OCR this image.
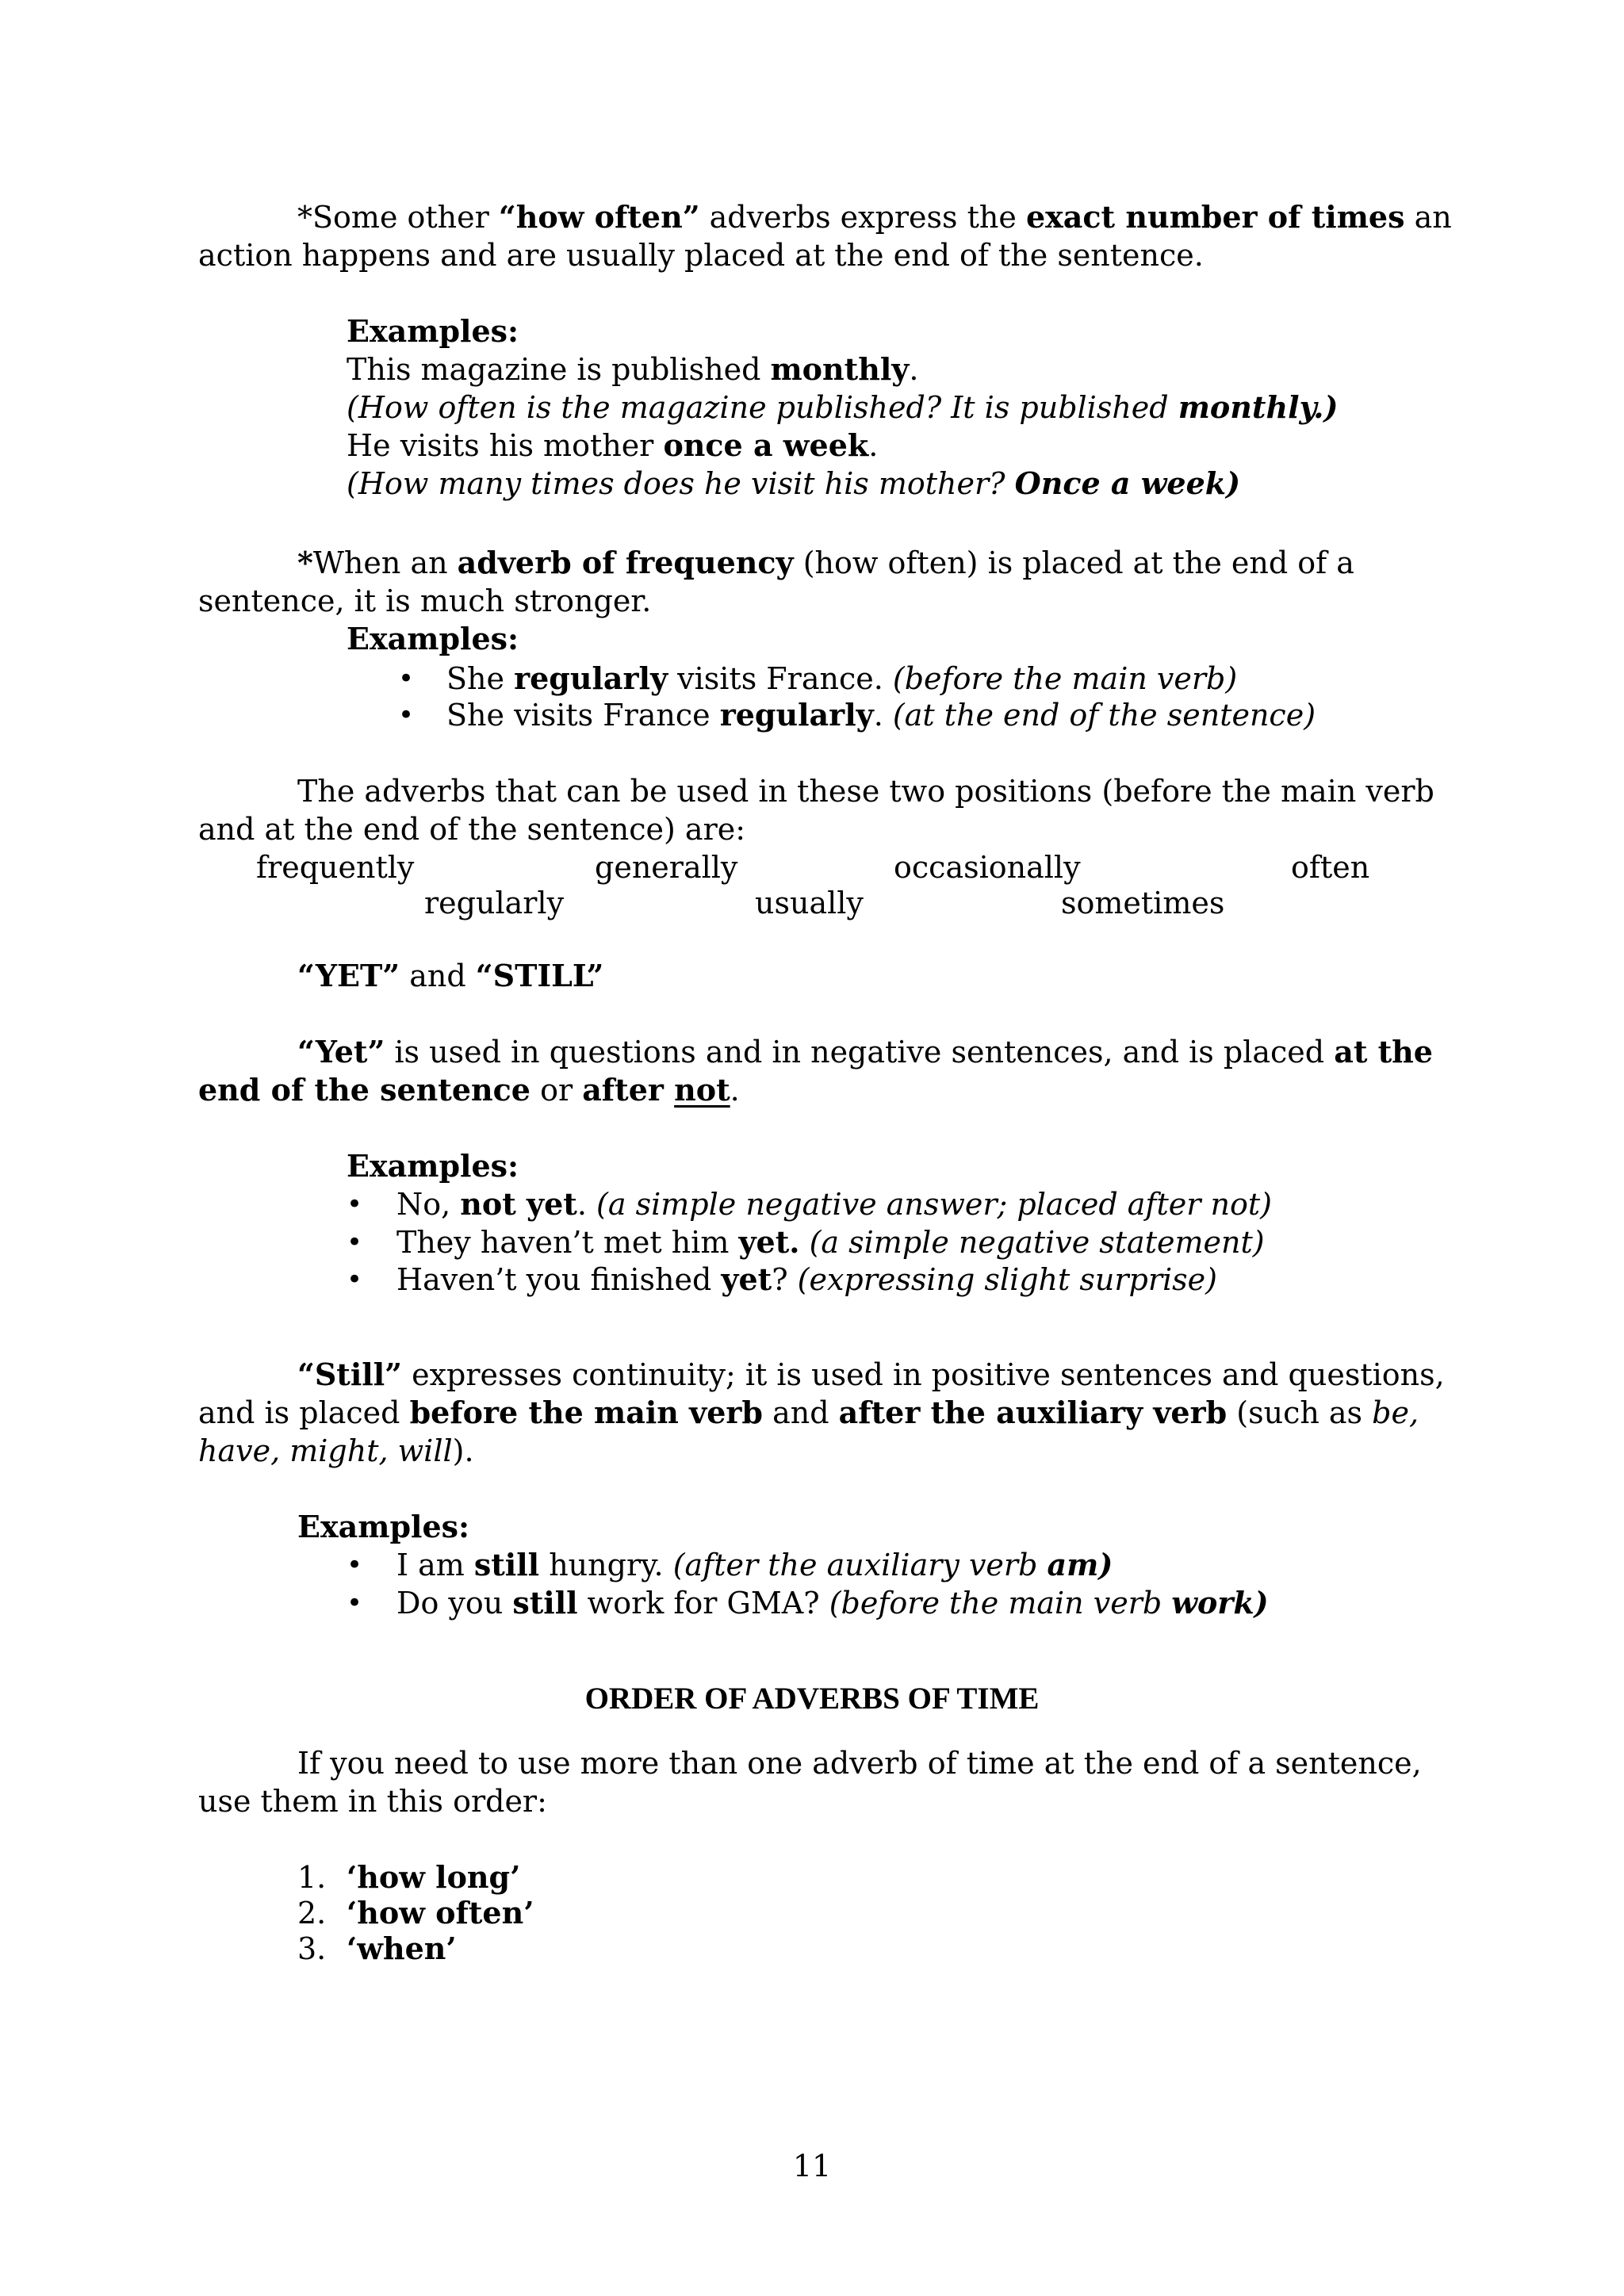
*Some other “how often” adverbs express the exact number of times an
action happens and are usually placed at the end of the sentence.
Examples:
This magazine is published monthly.
(How often is the magazine published? It is published monthly.)
He visits his mother once a week.
(How many times does he visit his mother? Once a week)
*When an adverb of frequency (how often) is placed at the end of a
sentence, it is much stronger.
Examples:
• She regularly visits France. (before the main verb)
• She visits France regularly. (at the end of the sentence)
The adverbs that can be used in these two positions (before the main verb
and at the end of the sentence) are:
frequently	generally	occasionally	often
regularly	usually	sometimes
“YET” and “STILL”
“Yet” is used in questions and in negative sentences, and is placed at the
end of the sentence or after not.
Examples:
• No, not yet. (a simple negative answer; placed after not)
• They haven’t met him yet. (a simple negative statement)
• Haven’t you finished yet? (expressing slight surprise)
“Still” expresses continuity; it is used in positive sentences and questions,
and is placed before the main verb and after the auxiliary verb (such as be,
have, might, will).
Examples:
• I am still hungry. (after the auxiliary verb am)
• Do you still work for GMA? (before the main verb work)
ORDER OF ADVERBS OF TIME
If you need to use more than one adverb of time at the end of a sentence,
use them in this order:
1. ‘how long’
2. ‘how often’
3. ‘when’
11
